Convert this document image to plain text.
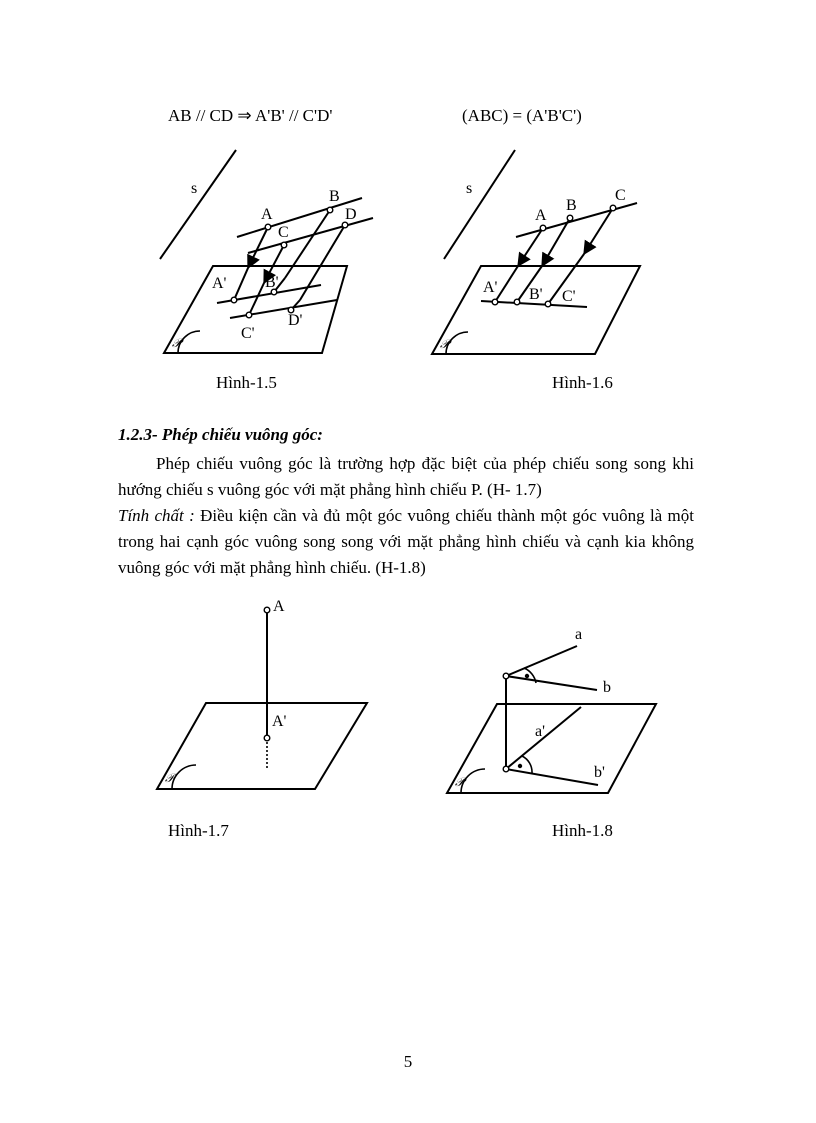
AB // CD ⇒ A'B' // C'D'	(ABC) = (A'B'C')
s
A
B
C
D
A' B'
C'
D'
𝒫
s
A
B
C
A' B' C'
𝒫
A
A'
𝒫
a
b
a'
b'
𝒫
Hình-1.5	Hình-1.6
Hình-1.7	Hình-1.8
1.2.3- Phép chiếu vuông góc:
Phép chiếu vuông góc là trường hợp đặc biệt của phép chiếu song song khi hướng chiếu s vuông góc với mặt phẳng hình chiếu P. (H- 1.7)
Tính chất : Điều kiện cần và đủ một góc vuông chiếu thành một góc vuông là một trong hai cạnh góc vuông song song với mặt phẳng hình chiếu và cạnh kia không vuông góc với mặt phẳng hình chiếu. (H-1.8)
5
